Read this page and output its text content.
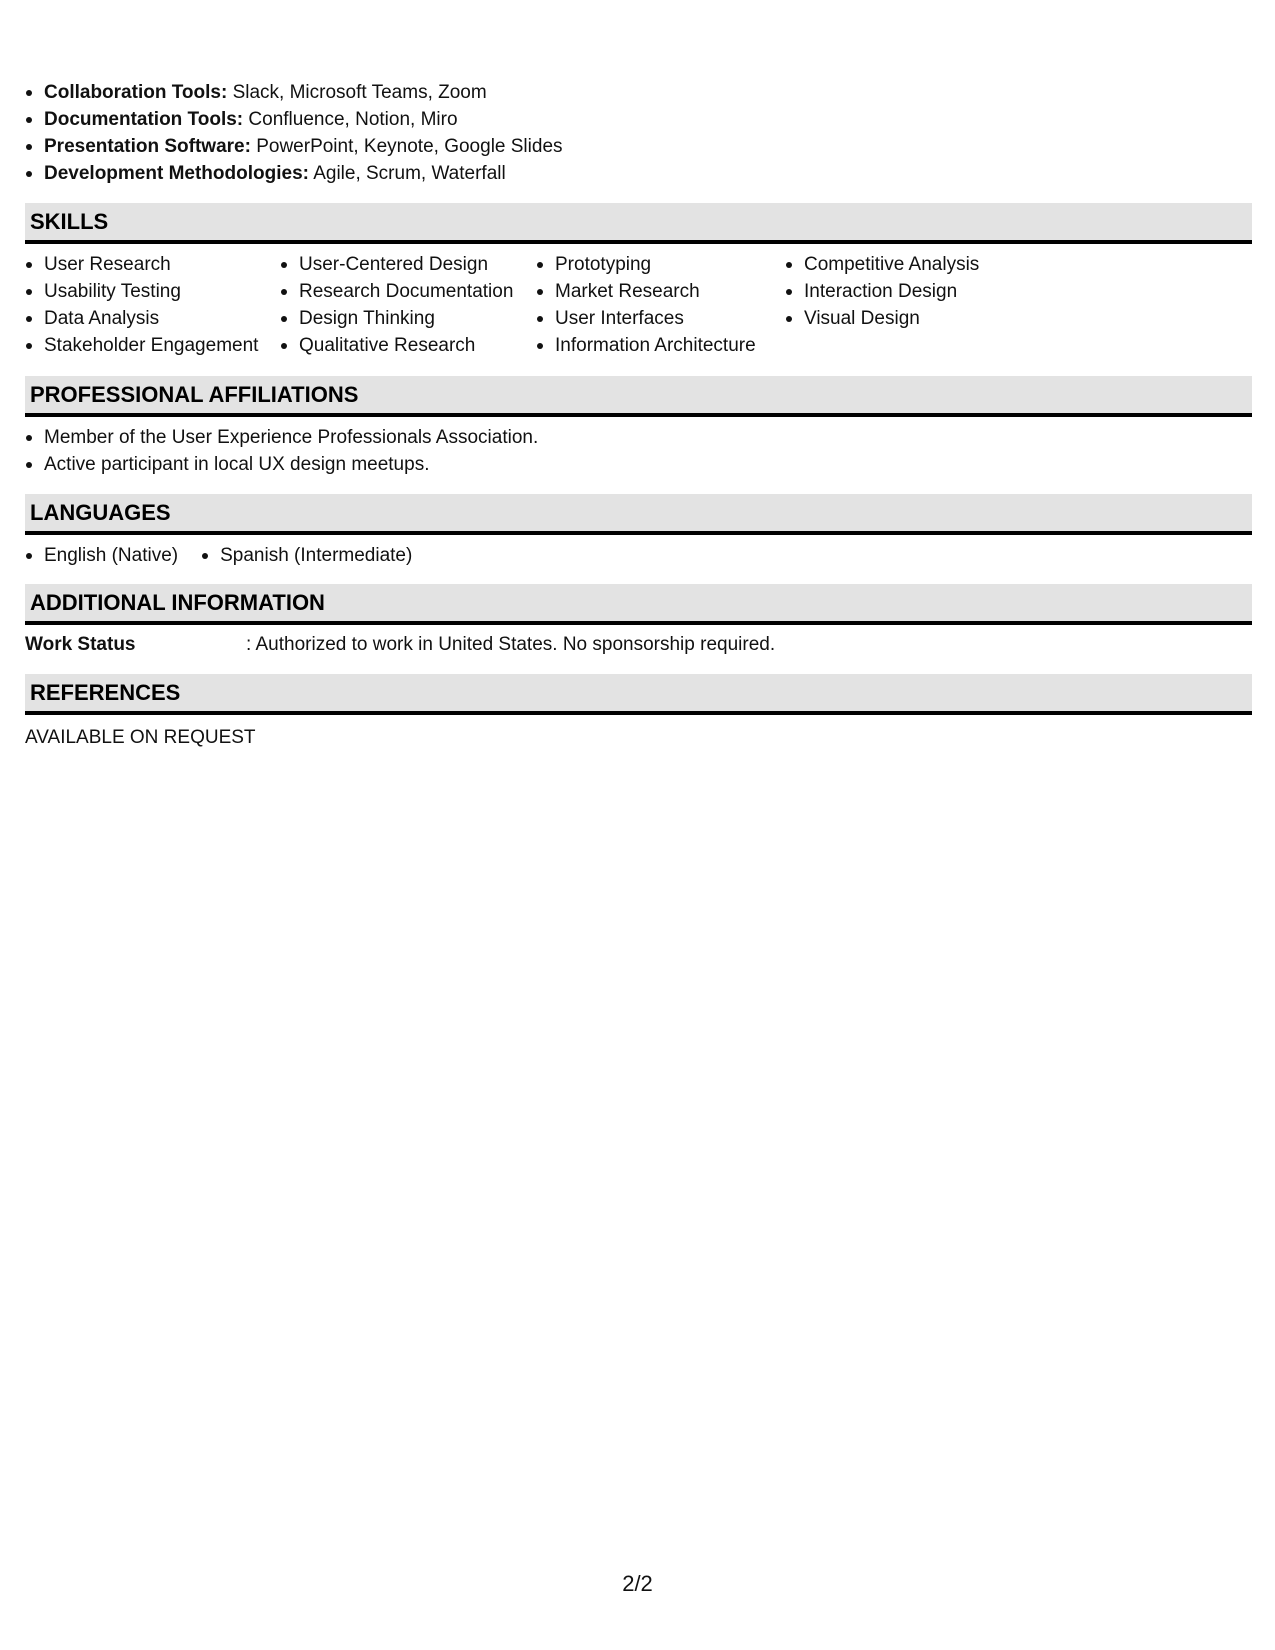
Collaboration Tools: Slack, Microsoft Teams, Zoom
Documentation Tools: Confluence, Notion, Miro
Presentation Software: PowerPoint, Keynote, Google Slides
Development Methodologies: Agile, Scrum, Waterfall
SKILLS
User Research
Usability Testing
Data Analysis
Stakeholder Engagement
User-Centered Design
Research Documentation
Design Thinking
Qualitative Research
Prototyping
Market Research
User Interfaces
Information Architecture
Competitive Analysis
Interaction Design
Visual Design
PROFESSIONAL AFFILIATIONS
Member of the User Experience Professionals Association.
Active participant in local UX design meetups.
LANGUAGES
English (Native)	Spanish (Intermediate)
ADDITIONAL INFORMATION
Work Status	: Authorized to work in United States. No sponsorship required.
REFERENCES
AVAILABLE ON REQUEST
2/2
